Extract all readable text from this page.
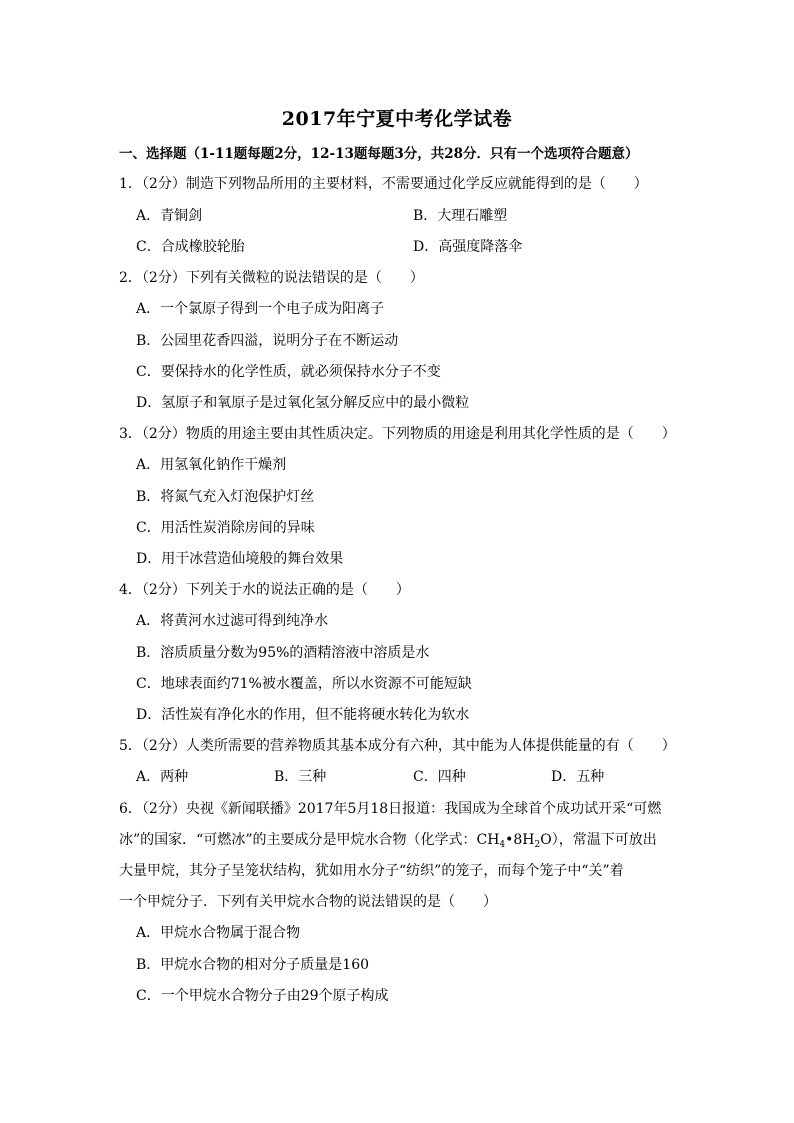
2017年宁夏中考化学试卷
一、选择题（1-11题每题2分，12-13题每题3分，共28分．只有一个选项符合题意）
1．（2分）制造下列物品所用的主要材料，不需要通过化学反应就能得到的是（　　）
A．青铜剑	B．大理石雕塑
C．合成橡胶轮胎	D．高强度降落伞
2．（2分）下列有关微粒的说法错误的是（　　）
A．一个氯原子得到一个电子成为阳离子
B．公园里花香四溢，说明分子在不断运动
C．要保持水的化学性质，就必须保持水分子不变
D．氢原子和氧原子是过氧化氢分解反应中的最小微粒
3．（2分）物质的用途主要由其性质决定。下列物质的用途是利用其化学性质的是（　　）
A．用氢氧化钠作干燥剂
B．将氮气充入灯泡保护灯丝
C．用活性炭消除房间的异味
D．用干冰营造仙境般的舞台效果
4．（2分）下列关于水的说法正确的是（　　）
A．将黄河水过滤可得到纯净水
B．溶质质量分数为95%的酒精溶液中溶质是水
C．地球表面约71%被水覆盖，所以水资源不可能短缺
D．活性炭有净化水的作用，但不能将硬水转化为软水
5．（2分）人类所需要的营养物质其基本成分有六种，其中能为人体提供能量的有（　　）
A．两种	B．三种	C．四种	D．五种
6．（2分）央视《新闻联播》2017年5月18日报道：我国成为全球首个成功试开采“可燃
冰”的国家．“可燃冰”的主要成分是甲烷水合物（化学式：$CH_4•8H_2O$），常温下可放出
大量甲烷，其分子呈笼状结构，犹如用水分子“纺织”的笼子，而每个笼子中“关”着
一个甲烷分子．下列有关甲烷水合物的说法错误的是（　　）
A．甲烷水合物属于混合物
B．甲烷水合物的相对分子质量是160
C．一个甲烷水合物分子由29个原子构成
